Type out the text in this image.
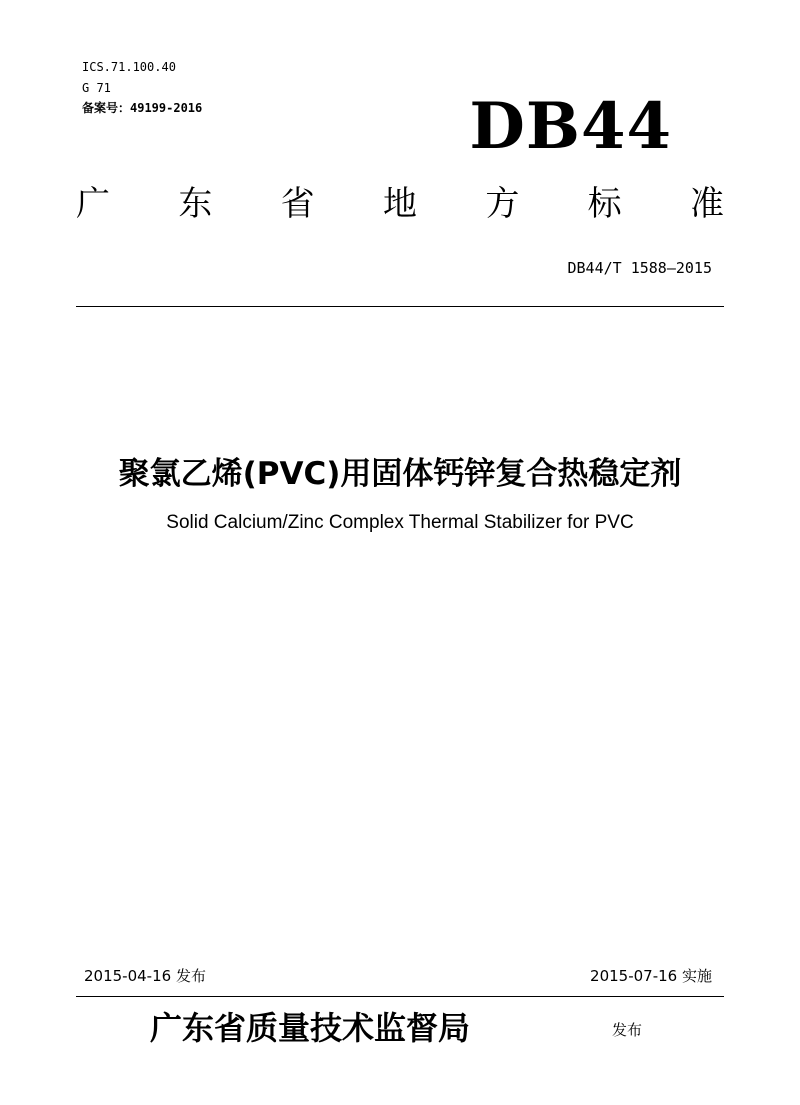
ICS.71.100.40
G 71
备案号：49199-2016	DB44
广 东 省 地 方 标 准
DB44/T 1588—2015
聚氯乙烯(PVC)用固体钙锌复合热稳定剂
Solid Calcium/Zinc Complex Thermal Stabilizer for PVC
2015-04-16 发布	2015-07-16 实施
广东省质量技术监督局	发布
